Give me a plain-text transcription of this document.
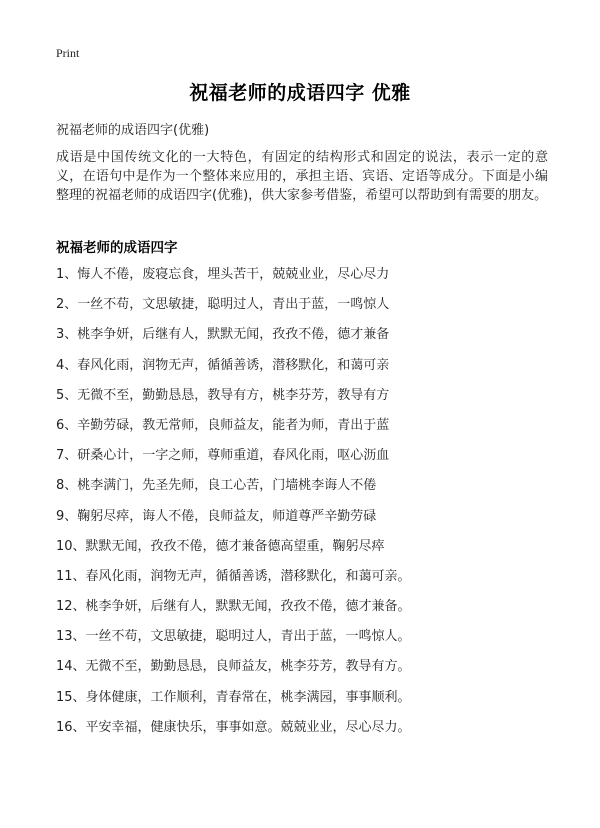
Print
祝福老师的成语四字 优雅
祝福老师的成语四字(优雅)
成语是中国传统文化的一大特色，有固定的结构形式和固定的说法，表示一定的意义，在语句中是作为一个整体来应用的，承担主语、宾语、定语等成分。下面是小编整理的祝福老师的成语四字(优雅)，供大家参考借鉴，希望可以帮助到有需要的朋友。
祝福老师的成语四字
1、悔人不倦，废寝忘食，埋头苦干，兢兢业业，尽心尽力
2、一丝不苟，文思敏捷，聪明过人，青出于蓝，一鸣惊人
3、桃李争妍，后继有人，默默无闻，孜孜不倦，德才兼备
4、春风化雨，润物无声，循循善诱，潜移默化，和蔼可亲
5、无微不至，勤勤恳恳，教导有方，桃李芬芳，教导有方
6、辛勤劳碌，教无常师，良师益友，能者为师，青出于蓝
7、研桑心计，一字之师，尊师重道，春风化雨，呕心沥血
8、桃李满门，先圣先师，良工心苦，门墙桃李诲人不倦
9、鞠躬尽瘁，诲人不倦，良师益友，师道尊严辛勤劳碌
10、默默无闻，孜孜不倦，德才兼备德高望重，鞠躬尽瘁
11、春风化雨，润物无声，循循善诱，潜移默化，和蔼可亲。
12、桃李争妍，后继有人，默默无闻，孜孜不倦，德才兼备。
13、一丝不苟，文思敏捷，聪明过人，青出于蓝，一鸣惊人。
14、无微不至，勤勤恳恳，良师益友，桃李芬芳，教导有方。
15、身体健康，工作顺利，青春常在，桃李满园，事事顺利。
16、平安幸福，健康快乐，事事如意。兢兢业业，尽心尽力。
